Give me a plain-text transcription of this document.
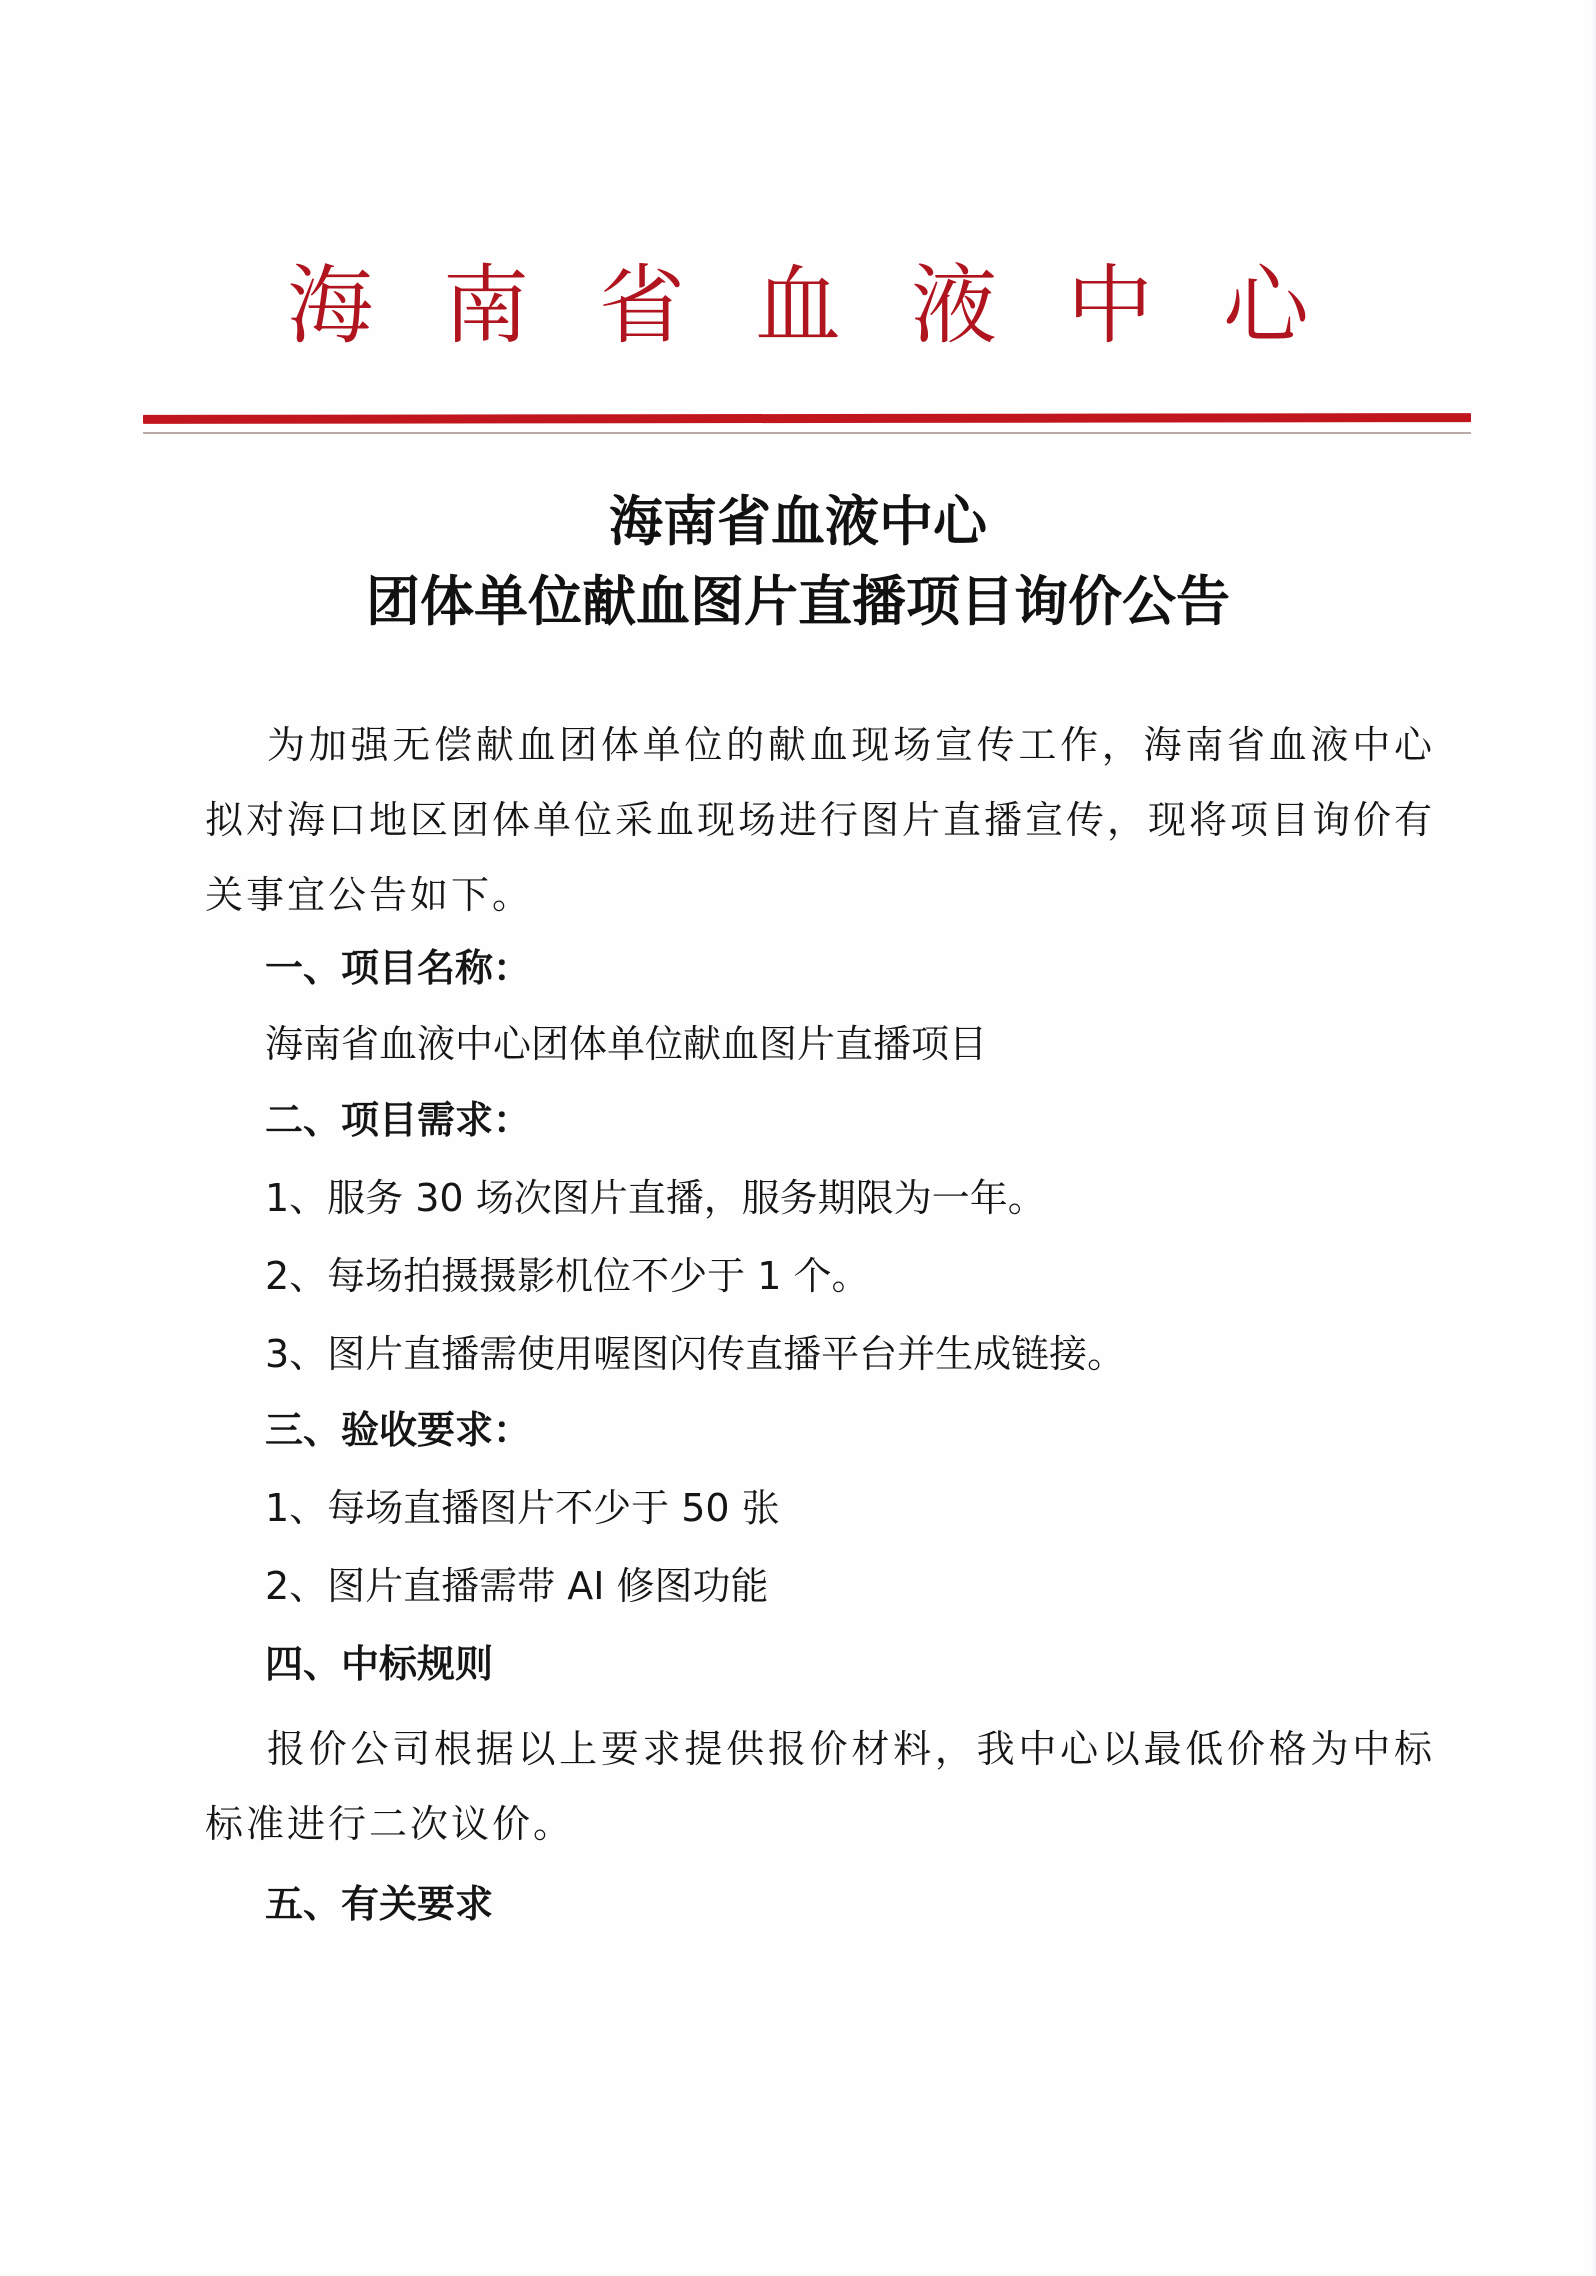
海南省血液中心
海南省血液中心
团体单位献血图片直播项目询价公告
为加强无偿献血团体单位的献血现场宣传工作，海南省血液中心拟对海口地区团体单位采血现场进行图片直播宣传，现将项目询价有关事宜公告如下。
一、项目名称：
海南省血液中心团体单位献血图片直播项目
二、项目需求：
1、服务 30 场次图片直播，服务期限为一年。
2、每场拍摄摄影机位不少于 1 个。
3、图片直播需使用喔图闪传直播平台并生成链接。
三、验收要求：
1、每场直播图片不少于 50 张
2、图片直播需带 AI 修图功能
四、中标规则
报价公司根据以上要求提供报价材料，我中心以最低价格为中标标准进行二次议价。
五、有关要求
